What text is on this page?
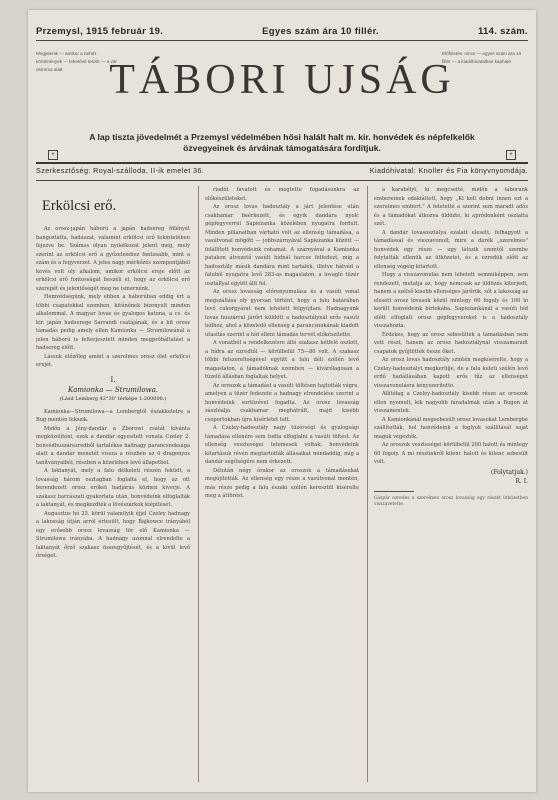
Przemysl, 1915 február 19.	Egyes szám ára 10 fillér.	114. szám.
Megjelenik — amikor a nehéz körülmények — lehetővé teszik — a vár ostroma alatt	TÁBORI UJSÁG
Előfizetés: nincs — egyes szám ára 10 fillér — a kiadóhivatalban kapható
A lap tiszta jövedelmét a Przemysl védelmében hősi halált halt m. kir. honvédek és népfelkelők özvegyeinek és árváinak támogatására fordítjuk.
+	+
Szerkesztőség: Royal-szálloda, II-ik emelet 36.	Kiadóhivatal: Knoller és Fia könyvnyomdája.
Erkölcsi erő.

Az orosz-japán háború a japán hadsereg fölényét hangoztatta, hadászat, valamint erkölcsi erő tekintetében fejezve be. Számos olyan nyilatkozat jelent meg, mely szerint az erkölcsi erő a győzelemhez fontosabb, mint a szám és a fegyverzet. A jeles nagy mérkőzés szempontjából kevés volt oly alkalom, amikor erkölcsi ereje előtt az erkölcsi erő fontosságát beszéli el, hogy az erkölcsi erő szerepét és jelentőségét meg ne ismernénk.

Hemvédségünk, mely ebben a háborúban eddig ért a többi csapatokkal szemben, kitűnőnek bizonyult minden alkalommal. A magyar lovas és gyalogos katona, a cs. és kir. japán hadserege Sarrandi csatájának, és a kit orosz támadás pedig amely ellen Kamionka — Strumilowánál a jelen háború is felterjesztett minden megpróbáltatást a hadsereg előtt.

Lássuk előzőleg amint a szerelmes orosz élet erkölcsi erejét.

I.
Kamionka — Strumilowa.
(Lásd Lemberg 42°30' térképe 1:200000.)

Kamionka—Strumilowa—a Lembergtől északkeletre a Bug mentén fekszik.

Midőn a Jény-dandár a Zborowi csatát kívánta megközelíteni, ezek a dandár egyesített vonata Czeley 2. honvédhuszárezredből tartalékos hadnagy parancsnoksága alatt a dandár menetét vissza a részben az ö dragonyos tanítványaiból, részben a közelében levő állapotból.

A laktanyát, mely a falu délkeleti részén feküdt, a lovasság három osztagban foglalta el, hogy az ott berendezett orosz erőket hadjárás közben kiverje. A szakasz harcászati gyakorlata után, honvédeink elfoglalták a laktanyát, és megkezdték a lövészárkok kiépítését.

Augusztus hó 25. körül valamilyik éjjel Czeley hadnagy a lakosság útján arról értesült, hogy Bajkowce irányából egy erősebb orosz lovasság tör elő Kamionka — Strumilowa irányába. A hadnagy azonnal elrendelte a laktanyát őrző szakasz összegyűjtését, és a kívül levő őrséget.

riadót fuvatott és megtette fogadásunkra az előkészületeket.

Az orosz lovas hadosztály a járt jelentése után csakhamar beérkezett, és egyik dandára nyolc gépfegyverrel Sapieżanka közelében nyugatra fordult. Minden pillanatban várható volt az ellenség támadása, a vasútvonal mögött — jobbszárnyával Sapieżanka között — felállított honvédeink rohamát. A szárnyával a Kamionka patakon átvezető vasúti hídnál harcos felfedezt, mig a hadosztály másik dandára mint tartalék, illetve hátvéd a faluból nyugatra levő 283-as magaslaton, a lovagló tüzér osztállyal együtt állt fel.

Az orosz lovasság előrenyomulása és a vasúti vonal megszállása oly gyorsan történt, hogy a falu határában levő cukorgyárat nem lehetett felgyújtani. Hadnagyunk lovas huszárral járőrt küldött a hadosztálynál erős vasúti hídhoz, ahol a közeledő ellenség a parancsnokának kiadott utasítás szerint a híd elleni támadás tervét előkészítette.

A vonatból a rendelkezésre álló szakasz kétfelé oszlott, a hídra az ezredtől — körülbelül 75—80 volt. A szakasz többi felszereltségével együtt a falu déli szélén levő magaslaton, a támadóknak szemben — kivárólagosan a tüzelő állásban foglaltak helyet.

Az oroszok a támadást a vasúti töltésen hajtották végre, amelyen a tüzér fedezete a hadnagy elrendelése szerint a honvédeink sortüzével fogadta. Az orosz lovasság zászlóalja csakhamar meghátrált, majd kisebb csoportokban újra kísérletet tett.

A Czeley-hadosztály nagy tüzérségi és gyalogsági támadása ellenére sem tudta elfoglalni a vasúti töltést. Az ellenség veszteségei tetemesek voltak; honvédeink kitartásuk révén megtartották állásaikat mindaddig, míg a dandár segítségére nem érkezett.

Délután négy órakor az oroszok a támadásukat megújították. Az ellenség egy része a vasútvonal mentén, más része pedig a falu északi szélén keresztül kísérelte meg a áttörést.

a karabélyt, ki megcsetté, midőn a táborunk embereinek odakiáltott, hogy „Ki kell dobni innen ezt a szerelmes embert." A feletetté a szerint sem maradt adós és a támadókat átkozva üldözte, ki apródonként oszlatta szét.

A dandár lovasosztálya ezalatt elesett, felhagyott a támadással és visszavonult, mire a derék „szerelmes" honvédek egy része — ugy látszik szemtől szembe folytatták ellenük az ütközetet, és a ezredük előtt az ellenség végéig kitartott.

Hogy a visszavonulás nem lehetett semmiképpen, sem rendezett, mutatja az, hogy nemcsak az üldözés kiterjedt, hanem a szélső kisebb ellenséges járőrök, sőt a lakosság az elesett orosz lovasok közül mintegy 60 fogoly és 100 ló került honvédeink birtokába. Sapieżankánál a vasúti híd előtt elfoglalt orosz gépfegyvereket is a hadosztály visszahozta.

Érdekes, hogy az orosz sebesültek a támadásban nem vett részt, hanem az orosz hadosztálynál visszamaradt csapatok gyűjtötték össze őket.

Az orosz lovas hadosztály szintén megkísérelte, hogy a Czeley-hadosztályt megkerülje, de a falu keleti szélén levő erdő hadállásában kapott erős tűz az ellenséget visszavonulásra kényszerítette.

Állítólag a Czeley-hadosztály kisebb része az oroszok ellen nyomult, kik nagyobb fáradalmak után a Bugon át visszamentek.

A Kamionkánál megsebesült orosz lovasokat Lembergbe szállították, hol honvédeink a foglyok szállítását saját maguk végezték.

Az oroszok veszteségei körülbelül 200 halott és mintegy 60 fogoly. A mi részünkről kilenc halott és kilenc sebesült volt.

(Folytatjuk.)
R. I.
Gáspár ezredes a szerelmes orosz lovasság egy részét ütközetben visszavetette.
